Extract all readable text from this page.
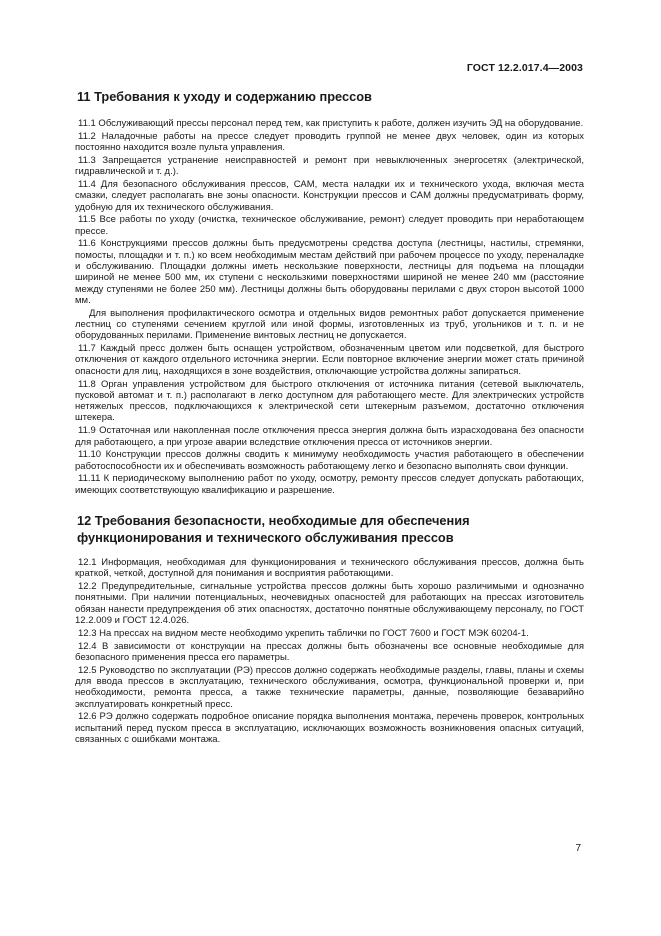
ГОСТ 12.2.017.4—2003
11 Требования к уходу и содержанию прессов
11.1 Обслуживающий прессы персонал перед тем, как приступить к работе, должен изучить ЭД на оборудование.
11.2 Наладочные работы на прессе следует проводить группой не менее двух человек, один из которых постоянно находится возле пульта управления.
11.3 Запрещается устранение неисправностей и ремонт при невыключенных энергосетях (электрической, гидравлической и т. д.).
11.4 Для безопасного обслуживания прессов, САМ, места наладки их и технического ухода, включая места смазки, следует располагать вне зоны опасности. Конструкции прессов и САМ должны предусматривать форму, удобную для их технического обслуживания.
11.5 Все работы по уходу (очистка, техническое обслуживание, ремонт) следует проводить при неработающем прессе.
11.6 Конструкциями прессов должны быть предусмотрены средства доступа (лестницы, настилы, стремянки, помосты, площадки и т. п.) ко всем необходимым местам действий при рабочем процессе по уходу, переналадке и обслуживанию. Площадки должны иметь нескользкие поверхности, лестницы для подъема на площадки шириной не менее 500 мм, их ступени с нескользкими поверхностями шириной не менее 240 мм (расстояние между ступенями не более 250 мм). Лестницы должны быть оборудованы перилами с двух сторон высотой 1000 мм.
Для выполнения профилактического осмотра и отдельных видов ремонтных работ допускается применение лестниц со ступенями сечением круглой или иной формы, изготовленных из труб, угольников и т. п. и не оборудованных перилами. Применение винтовых лестниц не допускается.
11.7 Каждый пресс должен быть оснащен устройством, обозначенным цветом или подсветкой, для быстрого отключения от каждого отдельного источника энергии. Если повторное включение энергии может стать причиной опасности для лиц, находящихся в зоне воздействия, отключающие устройства должны запираться.
11.8 Орган управления устройством для быстрого отключения от источника питания (сетевой выключатель, пусковой автомат и т. п.) располагают в легко доступном для работающего месте. Для электрических устройств нетяжелых прессов, подключающихся к электрической сети штекерным разъемом, достаточно отключения штекера.
11.9 Остаточная или накопленная после отключения пресса энергия должна быть израсходована без опасности для работающего, а при угрозе аварии вследствие отключения пресса от источников энергии.
11.10 Конструкции прессов должны сводить к минимуму необходимость участия работающего в обеспечении работоспособности их и обеспечивать возможность работающему легко и безопасно выполнять свои функции.
11.11 К периодическому выполнению работ по уходу, осмотру, ремонту прессов следует допускать работающих, имеющих соответствующую квалификацию и разрешение.
12 Требования безопасности, необходимые для обеспечения
функционирования и технического обслуживания прессов
12.1 Информация, необходимая для функционирования и технического обслуживания прессов, должна быть краткой, четкой, доступной для понимания и восприятия работающими.
12.2 Предупредительные, сигнальные устройства прессов должны быть хорошо различимыми и однозначно понятными. При наличии потенциальных, неочевидных опасностей для работающих на прессах изготовитель обязан нанести предупреждения об этих опасностях, достаточно понятные обслуживающему персоналу, по ГОСТ 12.2.009 и ГОСТ 12.4.026.
12.3 На прессах на видном месте необходимо укрепить таблички по ГОСТ 7600 и ГОСТ МЭК 60204-1.
12.4 В зависимости от конструкции на прессах должны быть обозначены все основные необходимые для безопасного применения пресса его параметры.
12.5 Руководство по эксплуатации (РЭ) прессов должно содержать необходимые разделы, главы, планы и схемы для ввода прессов в эксплуатацию, технического обслуживания, осмотра, функциональной проверки и, при необходимости, ремонта пресса, а также технические параметры, данные, позволяющие безаварийно эксплуатировать конкретный пресс.
12.6 РЭ должно содержать подробное описание порядка выполнения монтажа, перечень проверок, контрольных испытаний перед пуском пресса в эксплуатацию, исключающих возможность возникновения опасных ситуаций, связанных с ошибками монтажа.
7
